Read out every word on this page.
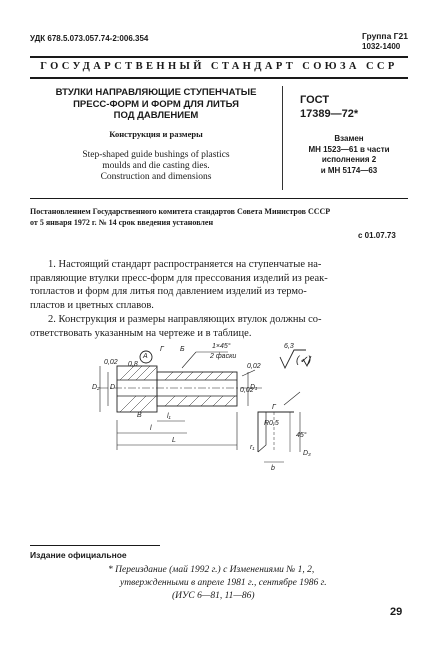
УДК 678.5.073.057.74-2:006.354	Группа Г21
1032-1400
ГОСУДАРСТВЕННЫЙ СТАНДАРТ СОЮЗА ССР
ВТУЛКИ НАПРАВЛЯЮЩИЕ СТУПЕНЧАТЫЕ
ПРЕСС-ФОРМ И ФОРМ ДЛЯ ЛИТЬЯ
ПОД ДАВЛЕНИЕМ
Конструкция и размеры
Step-shaped guide bushings of plastics
moulds and die casting dies.
Construction and dimensions
ГОСТ
17389—72*
Взамен
МН 1523—61 в части
исполнения 2
и МН 5174—63
Постановлением Государственного комитета стандартов Совета Министров СССР
от 5 января 1972 г. № 14 срок введения установлен
с 01.07.73
1. Настоящий стандарт распространяется на ступенчатые на-
правляющие втулки пресс-форм для прессования изделий из реак-
топластов и форм для литья под давлением изделий из термо-
пластов и цветных сплавов.
2. Конструкция и размеры направляющих втулок должны со-
ответствовать указанным на чертеже и в таблице.
6,3
(✓)
А
Г Б	1×45°
2 фаски
0,02
0,02
0,8
0,02
D₂ D	D₁
l₁
l
L
В
Г
R0,5
45°
b
r₁
D₃
Издание официальное
* Переиздание (май 1992 г.) с Изменениями № 1, 2,
утвержденными в апреле 1981 г., сентябре 1986 г.
(ИУС 6—81, 11—86)
29
